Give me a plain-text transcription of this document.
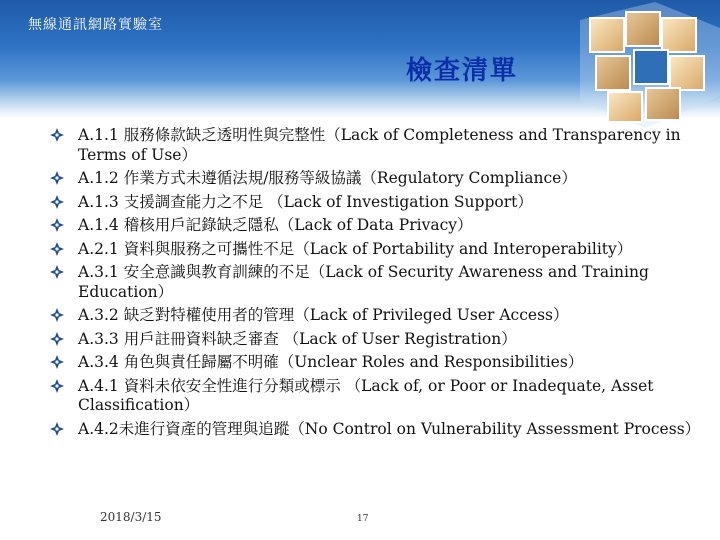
無線通訊網路實驗室
檢查清單
A.1.1 服務條款缺乏透明性與完整性（Lack of Completeness and Transparency in Terms of Use）
A.1.2 作業方式未遵循法規/服務等級協議（Regulatory Compliance）
A.1.3 支援調查能力之不足 （Lack of Investigation Support）
A.1.4 稽核用戶記錄缺乏隱私（Lack of Data Privacy）
A.2.1 資料與服務之可攜性不足（Lack of Portability and Interoperability）
A.3.1 安全意識與教育訓練的不足（Lack of Security Awareness and Training Education）
A.3.2 缺乏對特權使用者的管理（Lack of Privileged User Access）
A.3.3 用戶註冊資料缺乏審查 （Lack of User Registration）
A.3.4 角色與責任歸屬不明確（Unclear Roles and Responsibilities）
A.4.1 資料未依安全性進行分類或標示 （Lack of, or Poor or Inadequate, Asset Classification）
A.4.2未進行資產的管理與追蹤（No Control on Vulnerability Assessment Process）
2018/3/15	17
